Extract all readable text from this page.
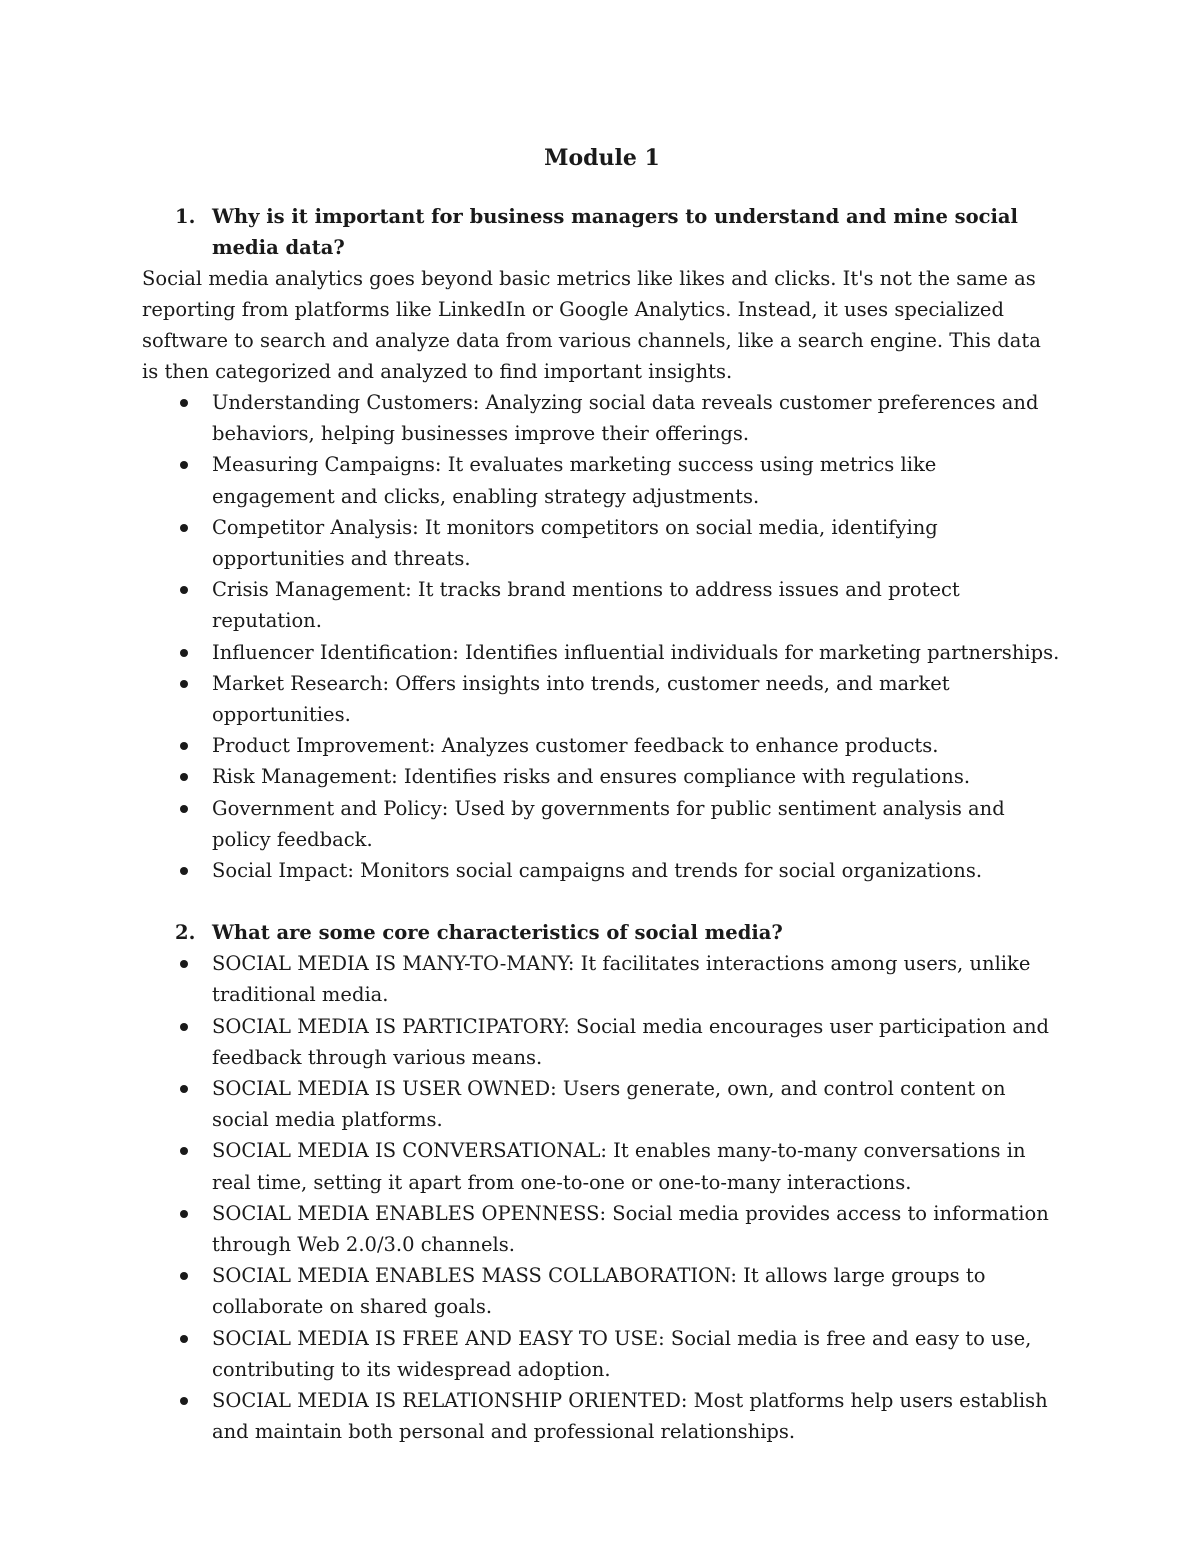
Module 1

1. Why is it important for business managers to understand and mine social media data?

Social media analytics goes beyond basic metrics like likes and clicks. It's not the same as reporting from platforms like LinkedIn or Google Analytics. Instead, it uses specialized software to search and analyze data from various channels, like a search engine. This data is then categorized and analyzed to find important insights.

Understanding Customers: Analyzing social data reveals customer preferences and behaviors, helping businesses improve their offerings.
Measuring Campaigns: It evaluates marketing success using metrics like engagement and clicks, enabling strategy adjustments.
Competitor Analysis: It monitors competitors on social media, identifying opportunities and threats.
Crisis Management: It tracks brand mentions to address issues and protect reputation.
Influencer Identification: Identifies influential individuals for marketing partnerships.
Market Research: Offers insights into trends, customer needs, and market opportunities.
Product Improvement: Analyzes customer feedback to enhance products.
Risk Management: Identifies risks and ensures compliance with regulations.
Government and Policy: Used by governments for public sentiment analysis and policy feedback.
Social Impact: Monitors social campaigns and trends for social organizations.

2. What are some core characteristics of social media?

SOCIAL MEDIA IS MANY-TO-MANY: It facilitates interactions among users, unlike traditional media.
SOCIAL MEDIA IS PARTICIPATORY: Social media encourages user participation and feedback through various means.
SOCIAL MEDIA IS USER OWNED: Users generate, own, and control content on social media platforms.
SOCIAL MEDIA IS CONVERSATIONAL: It enables many-to-many conversations in real time, setting it apart from one-to-one or one-to-many interactions.
SOCIAL MEDIA ENABLES OPENNESS: Social media provides access to information through Web 2.0/3.0 channels.
SOCIAL MEDIA ENABLES MASS COLLABORATION: It allows large groups to collaborate on shared goals.
SOCIAL MEDIA IS FREE AND EASY TO USE: Social media is free and easy to use, contributing to its widespread adoption.
SOCIAL MEDIA IS RELATIONSHIP ORIENTED: Most platforms help users establish and maintain both personal and professional relationships.
